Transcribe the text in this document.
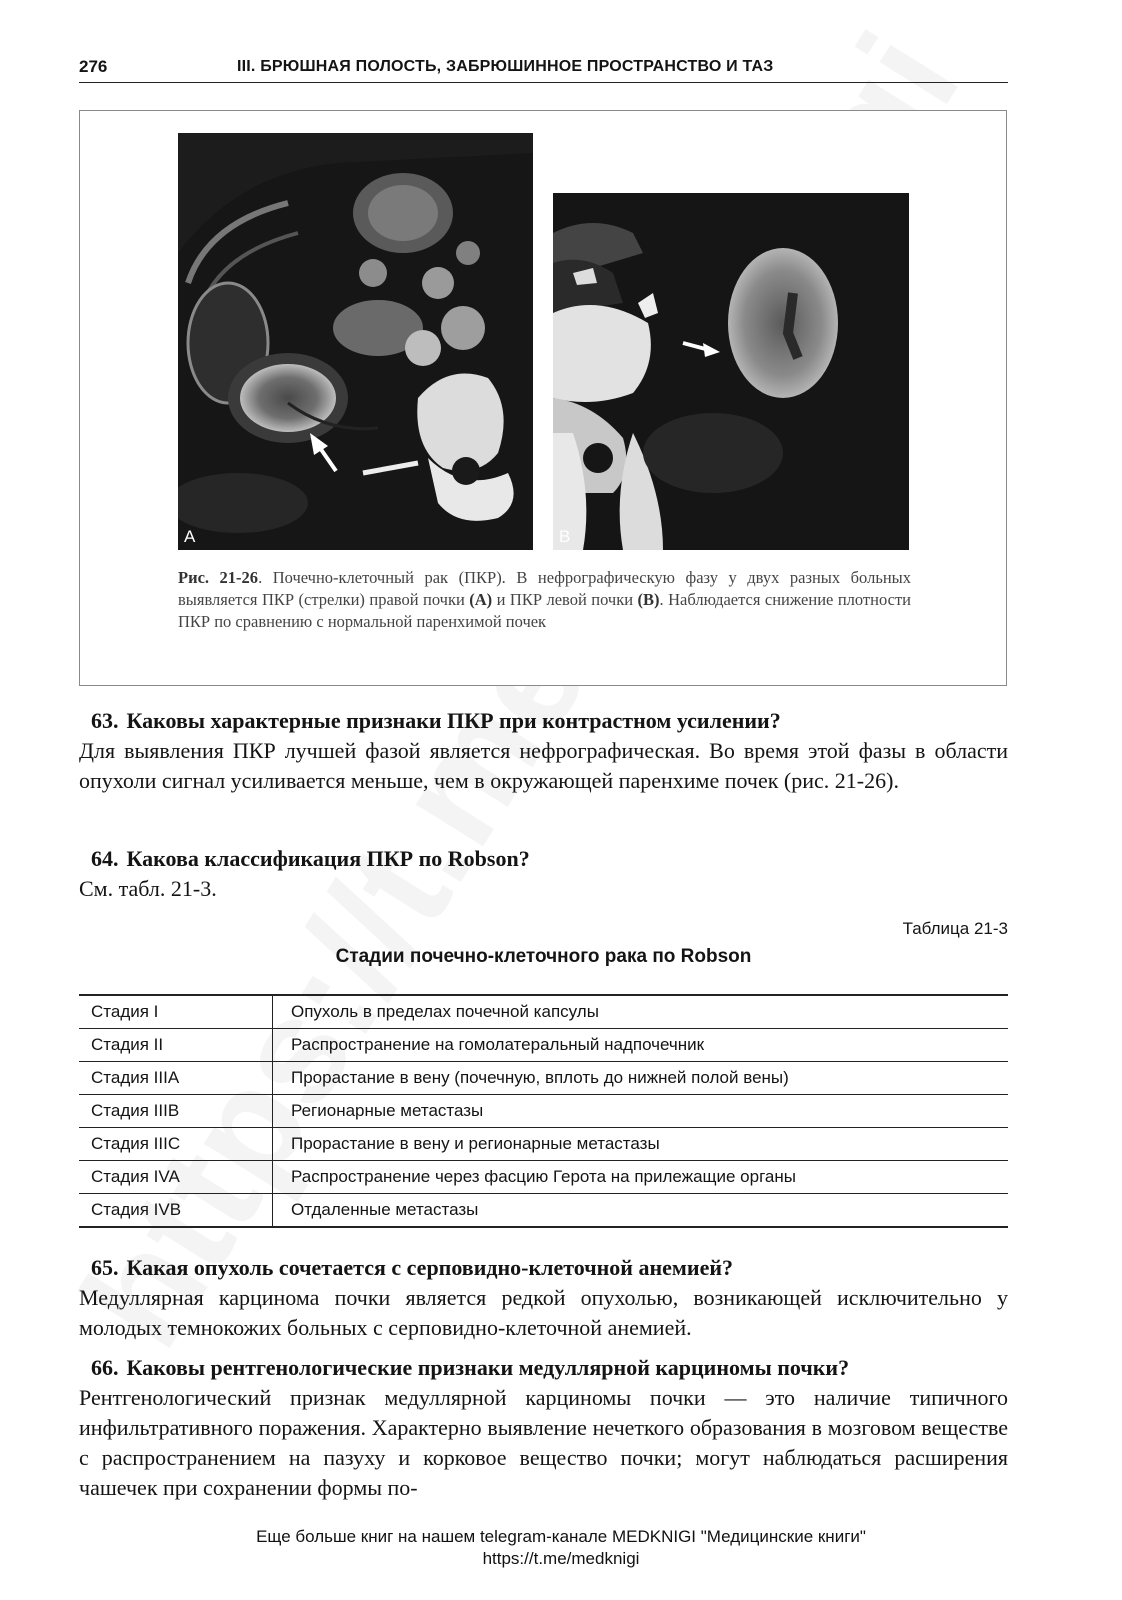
276	III. БРЮШНАЯ ПОЛОСТЬ, ЗАБРЮШИННОЕ ПРОСТРАНСТВО И ТАЗ
A	B
Рис. 21-26. Почечно-клеточный рак (ПКР). В нефрографическую фазу у двух разных больных выявляется ПКР (стрелки) правой почки (A) и ПКР левой почки (B). Наблюдается снижение плотности ПКР по сравнению с нормальной паренхимой почек
63. Каковы характерные признаки ПКР при контрастном усилении?

Для выявления ПКР лучшей фазой является нефрографическая. Во время этой фазы в области опухоли сигнал усиливается меньше, чем в окружающей паренхиме почек (рис. 21-26).

64. Какова классификация ПКР по Robson?

См. табл. 21-3.

Таблица 21-3
Стадии почечно-клеточного рака по Robson
Стадия I	Опухоль в пределах почечной капсулы
Стадия II	Распространение на гомолатеральный надпочечник
Стадия IIIA	Прорастание в вену (почечную, вплоть до нижней полой вены)
Стадия IIIB	Регионарные метастазы
Стадия IIIC	Прорастание в вену и регионарные метастазы
Стадия IVA	Распространение через фасцию Герота на прилежащие органы
Стадия IVB	Отдаленные метастазы
65. Какая опухоль сочетается с серповидно-клеточной анемией?

Медуллярная карцинома почки является редкой опухолью, возникающей исключительно у молодых темнокожих больных с серповидно-клеточной анемией.

66. Каковы рентгенологические признаки медуллярной карциномы почки?

Рентгенологический признак медуллярной карциномы почки — это наличие типичного инфильтративного поражения. Характерно выявление нечеткого образования в мозговом веществе с распространением на пазуху и корковое вещество почки; могут наблюдаться расширения чашечек при сохранении формы по-

Еще больше книг на нашем telegram-канале MEDKNIGI "Медицинские книги"
https://t.me/medknigi
